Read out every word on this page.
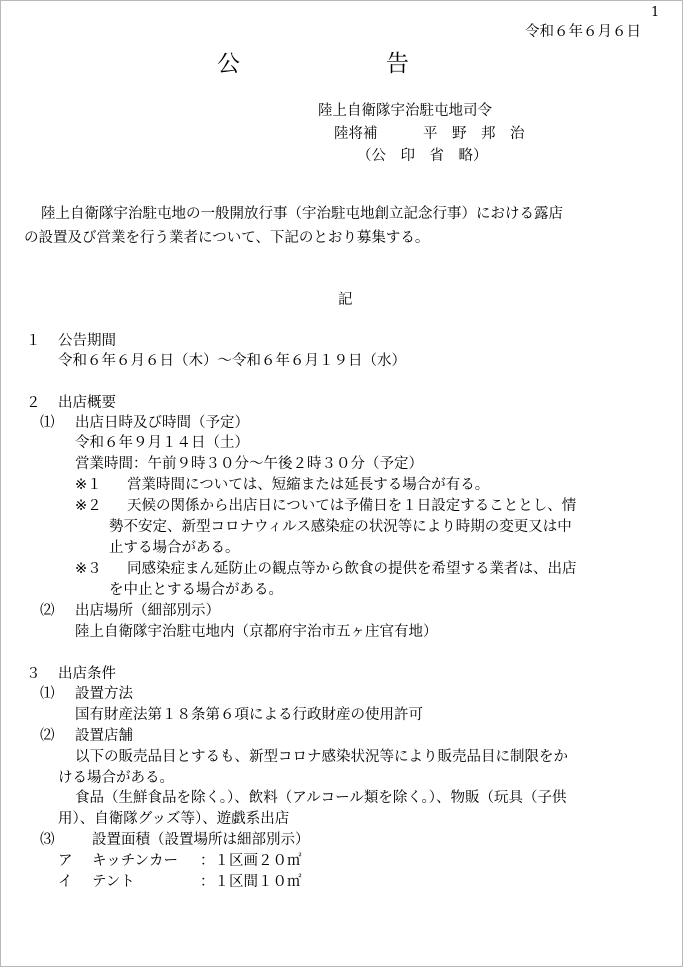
1
令和６年６月６日
公	告
陸上自衛隊宇治駐屯地司令
陸将補	平　野　邦　治
（公　印　省　略）
陸上自衛隊宇治駐屯地の一般開放行事（宇治駐屯地創立記念行事）における露店
の設置及び営業を行う業者について、下記のとおり募集する。
記
１ 公告期間
令和６年６月６日（木）～令和６年６月１９日（水）
２ 出店概要
⑴ 出店日時及び時間（予定）
令和６年９月１４日（土）
営業時間：午前９時３０分～午後２時３０分（予定）
※１ 営業時間については、短縮または延長する場合が有る。
※２ 天候の関係から出店日については予備日を１日設定することとし、情
勢不安定、新型コロナウィルス感染症の状況等により時期の変更又は中
止する場合がある。
※３ 同感染症まん延防止の観点等から飲食の提供を希望する業者は、出店
を中止とする場合がある。
⑵ 出店場所（細部別示）
陸上自衛隊宇治駐屯地内（京都府宇治市五ヶ庄官有地）
３ 出店条件
⑴ 設置方法
国有財産法第１８条第６項による行政財産の使用許可
⑵ 設置店舗
以下の販売品目とするも、新型コロナ感染状況等により販売品目に制限をか
ける場合がある。
食品（生鮮食品を除く。）、飲料（アルコール類を除く。）、物販（玩具（子供
用）、自衛隊グッズ等）、遊戯系出店
⑶	設置面積（設置場所は細部別示）
ア キッチンカー ：１区画２０㎡
イ テント	：１区間１０㎡
